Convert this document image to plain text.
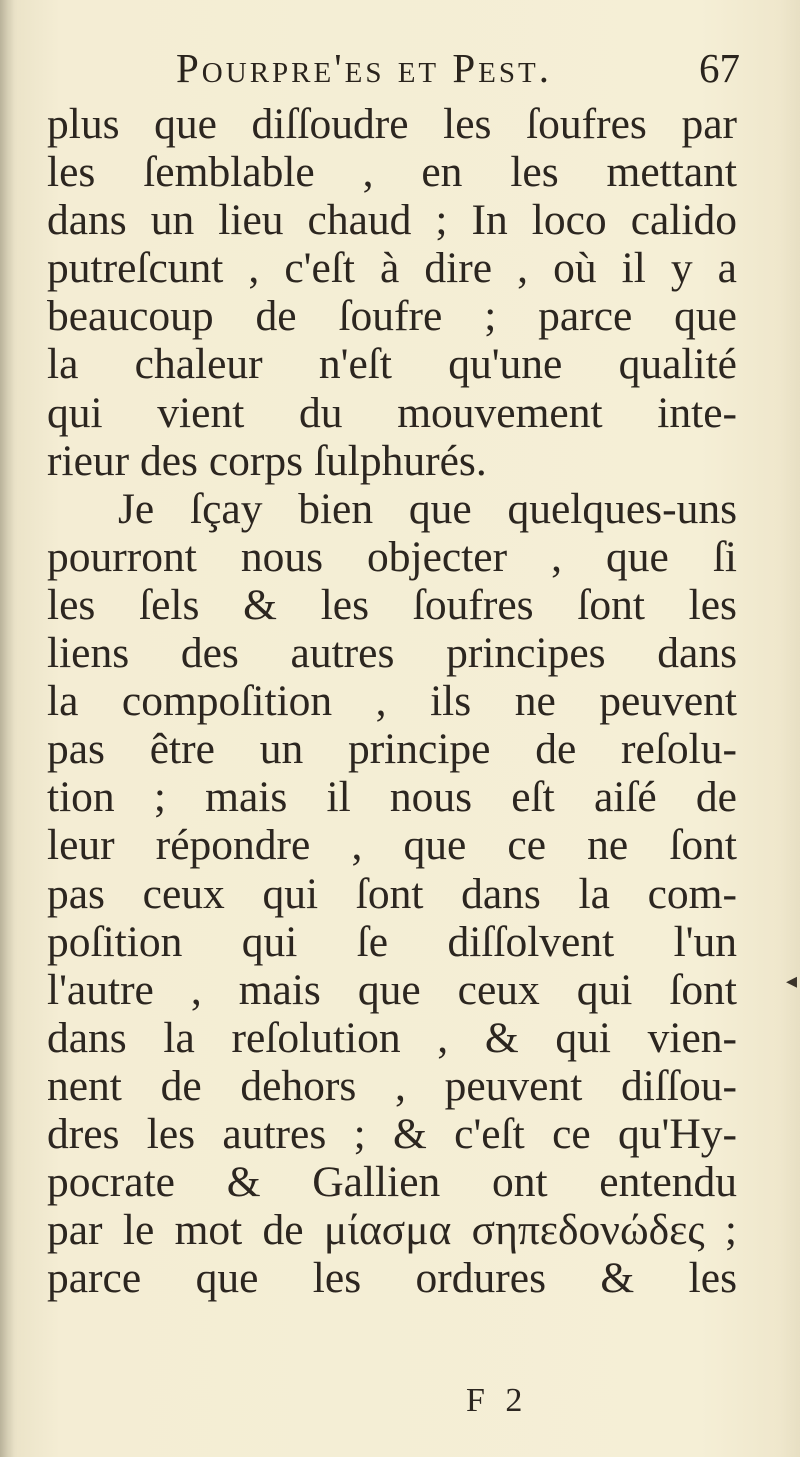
Pourpre'es et Pest.	67
plus que diſſoudre les ſoufres par
les ſemblable , en les mettant
dans un lieu chaud ; In loco calido
putreſcunt , c'eſt à dire , où il y a
beaucoup de ſoufre ; parce que
la chaleur n'eſt qu'une qualité
qui vient du mouvement inte-
rieur des corps ſulphurés.
Je ſçay bien que quelques-uns
pourront nous objecter , que ſi
les ſels & les ſoufres ſont les
liens des autres principes dans
la compoſition , ils ne peuvent
pas être un principe de reſolu-
tion ; mais il nous eſt aiſé de
leur répondre , que ce ne ſont
pas ceux qui ſont dans la com-
poſition qui ſe diſſolvent l'un
l'autre , mais que ceux qui ſont
dans la reſolution , & qui vien-
nent de dehors , peuvent diſſou-
dres les autres ; & c'eſt ce qu'Hy-
pocrate & Gallien ont entendu
par le mot de μίασμα σηπεδονώδες ;
parce que les ordures & les
F 2
◂
